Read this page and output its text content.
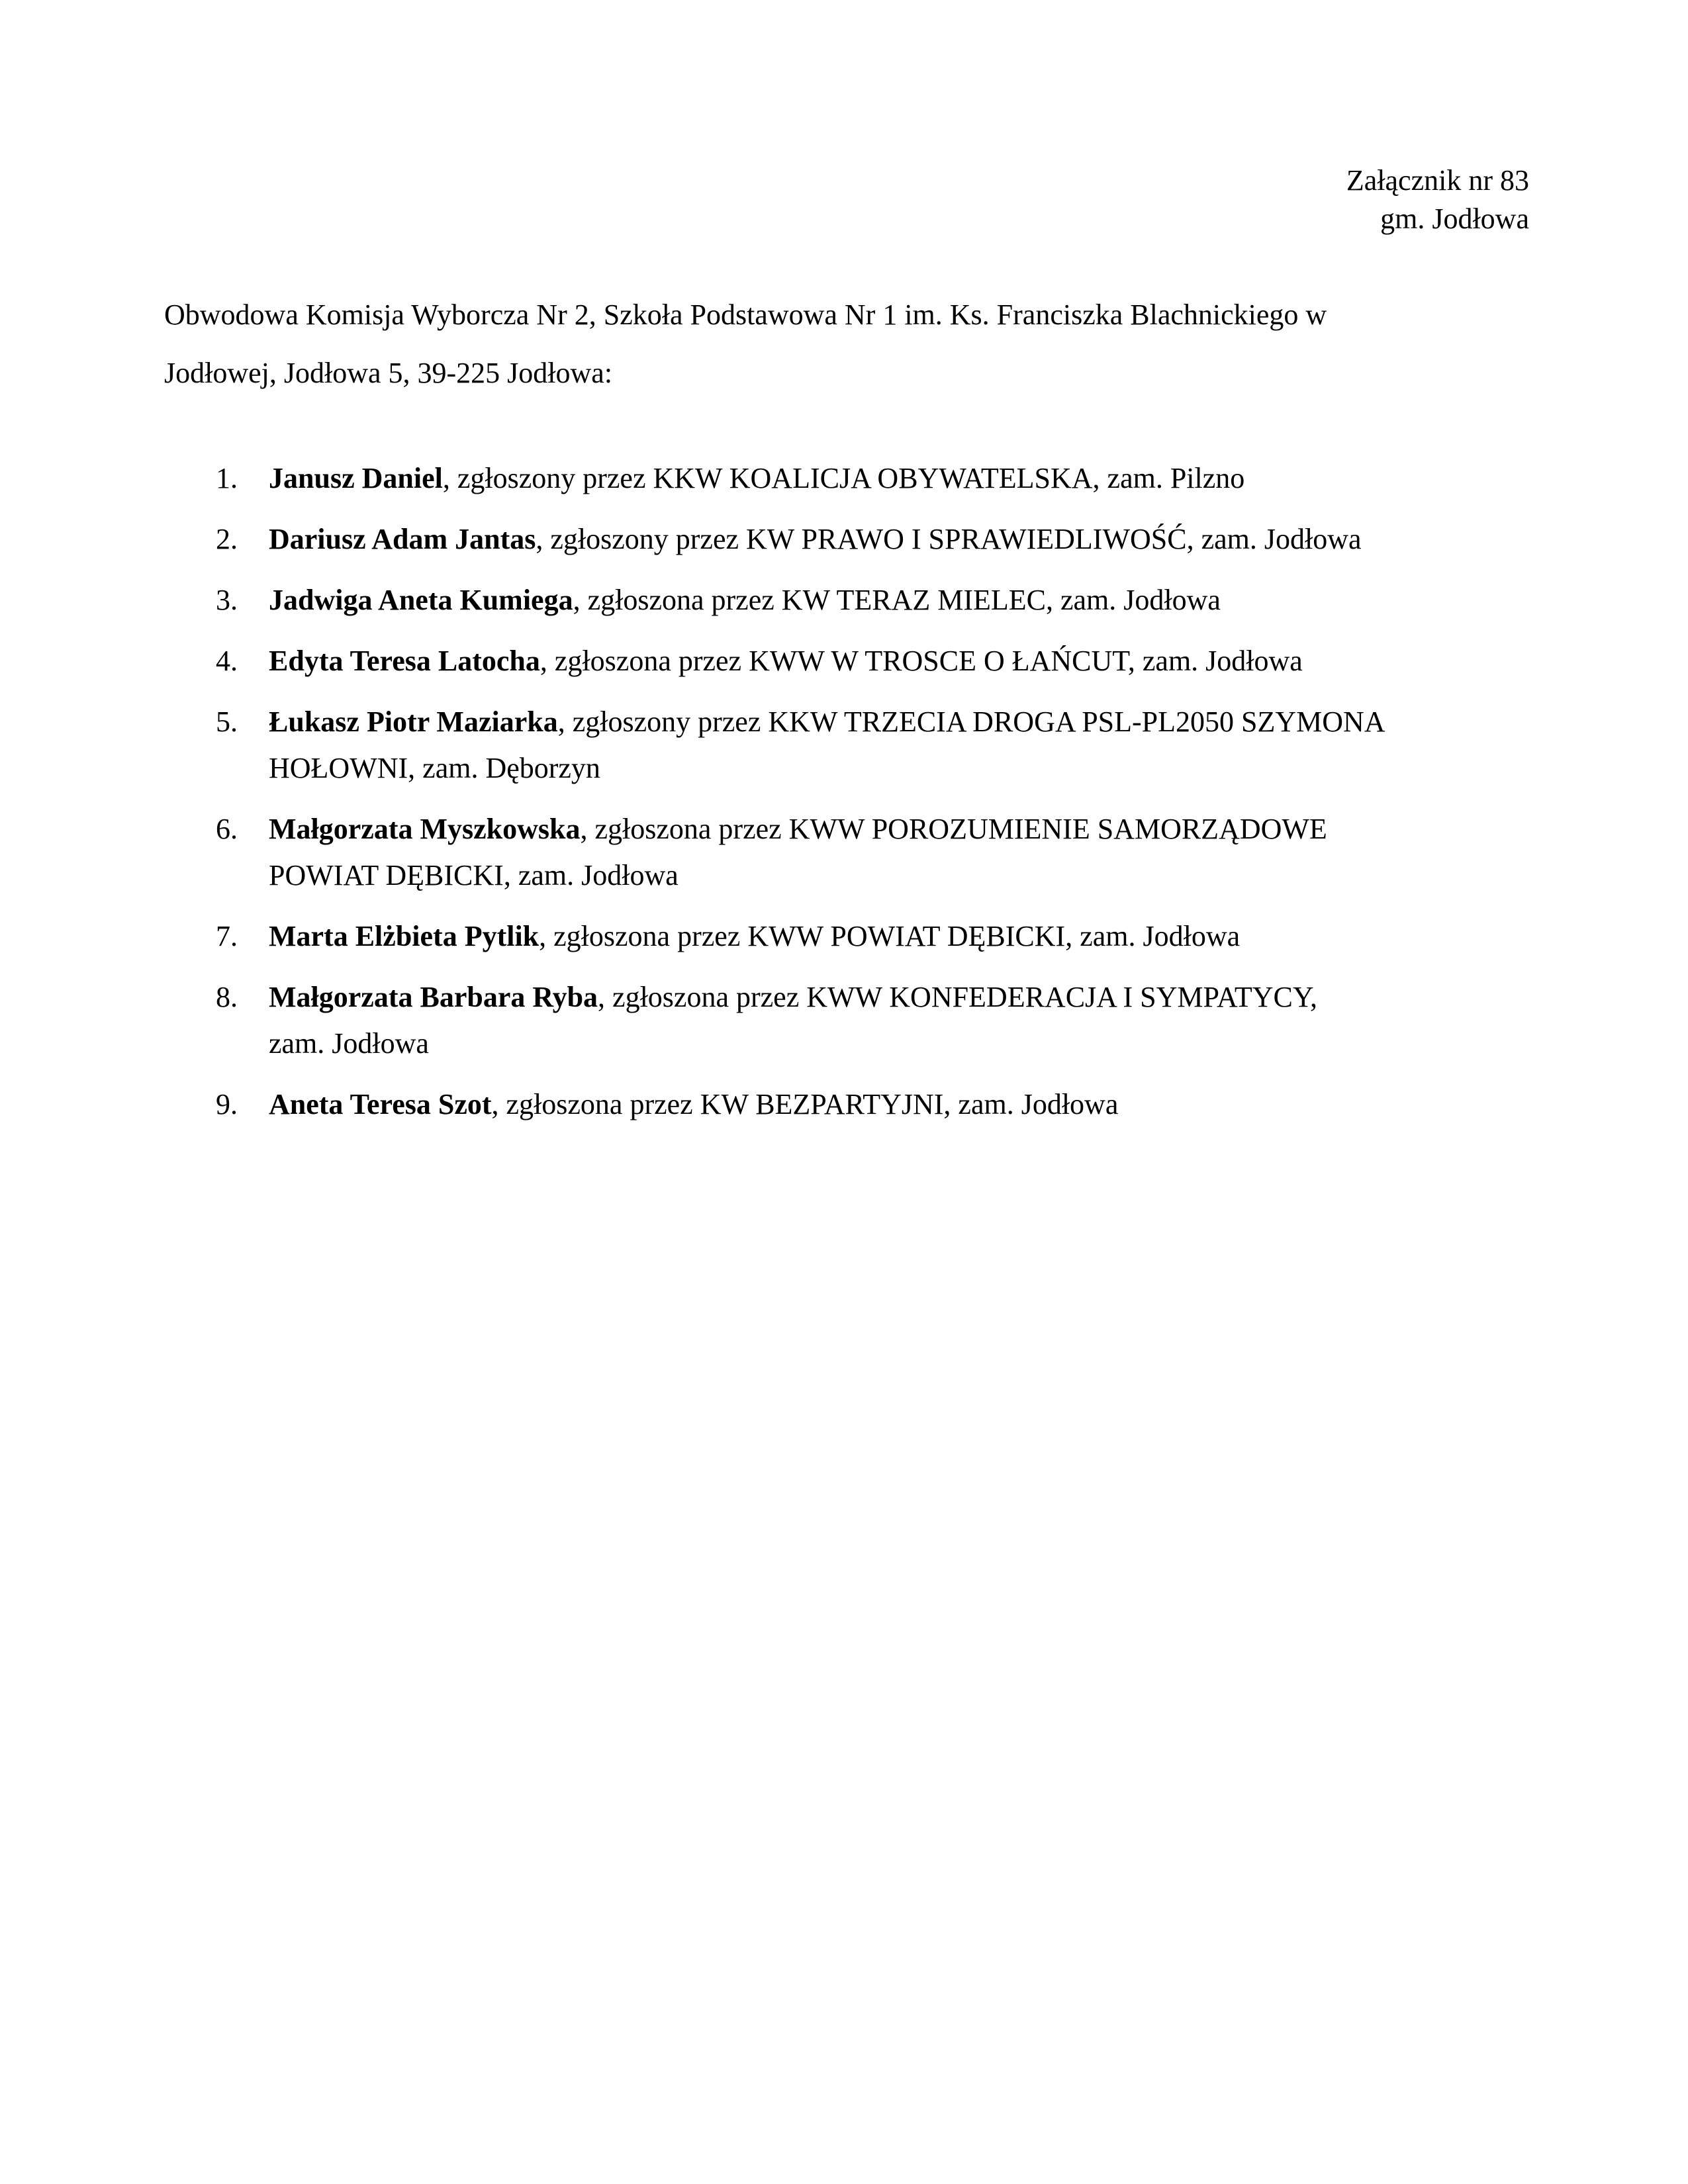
Załącznik nr 83
gm. Jodłowa
Obwodowa Komisja Wyborcza Nr 2, Szkoła Podstawowa Nr 1 im. Ks. Franciszka Blachnickiego w
Jodłowej, Jodłowa 5, 39-225 Jodłowa:
1. Janusz Daniel, zgłoszony przez KKW KOALICJA OBYWATELSKA, zam. Pilzno
2. Dariusz Adam Jantas, zgłoszony przez KW PRAWO I SPRAWIEDLIWOŚĆ, zam. Jodłowa
3. Jadwiga Aneta Kumiega, zgłoszona przez KW TERAZ MIELEC, zam. Jodłowa
4. Edyta Teresa Latocha, zgłoszona przez KWW W TROSCE O ŁAŃCUT, zam. Jodłowa
5. Łukasz Piotr Maziarka, zgłoszony przez KKW TRZECIA DROGA PSL-PL2050 SZYMONA
HOŁOWNI, zam. Dęborzyn
6. Małgorzata Myszkowska, zgłoszona przez KWW POROZUMIENIE SAMORZĄDOWE
POWIAT DĘBICKI, zam. Jodłowa
7. Marta Elżbieta Pytlik, zgłoszona przez KWW POWIAT DĘBICKI, zam. Jodłowa
8. Małgorzata Barbara Ryba, zgłoszona przez KWW KONFEDERACJA I SYMPATYCY,
zam. Jodłowa
9. Aneta Teresa Szot, zgłoszona przez KW BEZPARTYJNI, zam. Jodłowa
